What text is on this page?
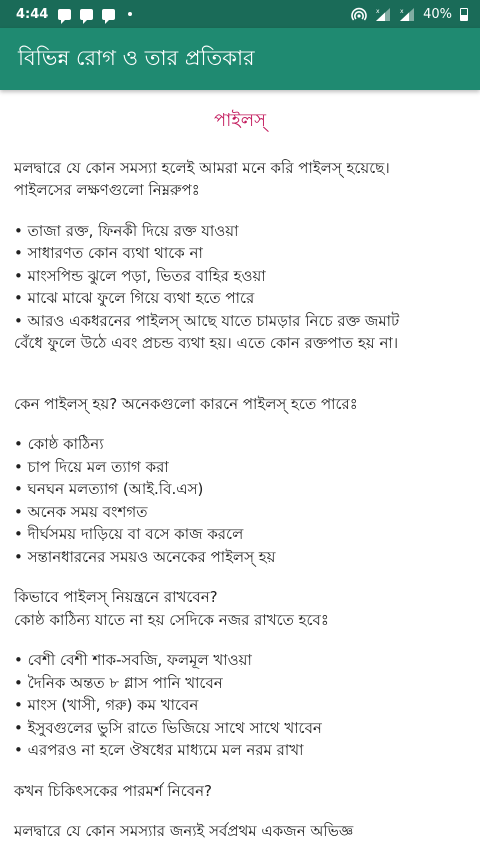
4:44	x	x 40%
বিভিন্ন রোগ ও তার প্রতিকার
পাইলস্

মলদ্বারে যে কোন সমস্যা হলেই আমরা মনে করি পাইলস্ হয়েছে।

পাইলসের লক্ষণগুলো নিম্নরুপঃ

• তাজা রক্ত, ফিনকী দিয়ে রক্ত যাওয়া
• সাধারণত কোন ব্যথা থাকে না
• মাংসপিন্ড ঝুলে পড়া, ভিতর বাহির হওয়া
• মাঝে মাঝে ফুলে গিয়ে ব্যথা হতে পারে
• আরও একধরনের পাইলস্ আছে যাতে চামড়ার নিচে রক্ত জমাট

বেঁধে ফুলে উঠে এবং প্রচন্ড ব্যথা হয়। এতে কোন রক্তপাত হয় না।

কেন পাইলস্ হয়? অনেকগুলো কারনে পাইলস্ হতে পারেঃ

• কোষ্ঠ কাঠিন্য
• চাপ দিয়ে মল ত্যাগ করা
• ঘনঘন মলত্যাগ (আই.বি.এস)
• অনেক সময় বংশগত
• দীর্ঘসময় দাড়িয়ে বা বসে কাজ করলে
• সন্তানধারনের সময়ও অনেকের পাইলস্ হয়

কিভাবে পাইলস্ নিয়ন্ত্রনে রাখবেন?

কোষ্ঠ কাঠিন্য যাতে না হয় সেদিকে নজর রাখতে হবেঃ

• বেশী বেশী শাক-সবজি, ফলমূল খাওয়া
• দৈনিক অন্তত ৮ গ্লাস পানি খাবেন
• মাংস (খাসী, গরু) কম খাবেন
• ইসুবগুলের ভুসি রাতে ভিজিয়ে সাথে সাথে খাবেন
• এরপরও না হলে ঔষধের মাধ্যমে মল নরম রাখা

কখন চিকিৎসকের পারমর্শ নিবেন?

মলদ্বারে যে কোন সমস্যার জন্যই সর্বপ্রথম একজন অভিজ্ঞ
